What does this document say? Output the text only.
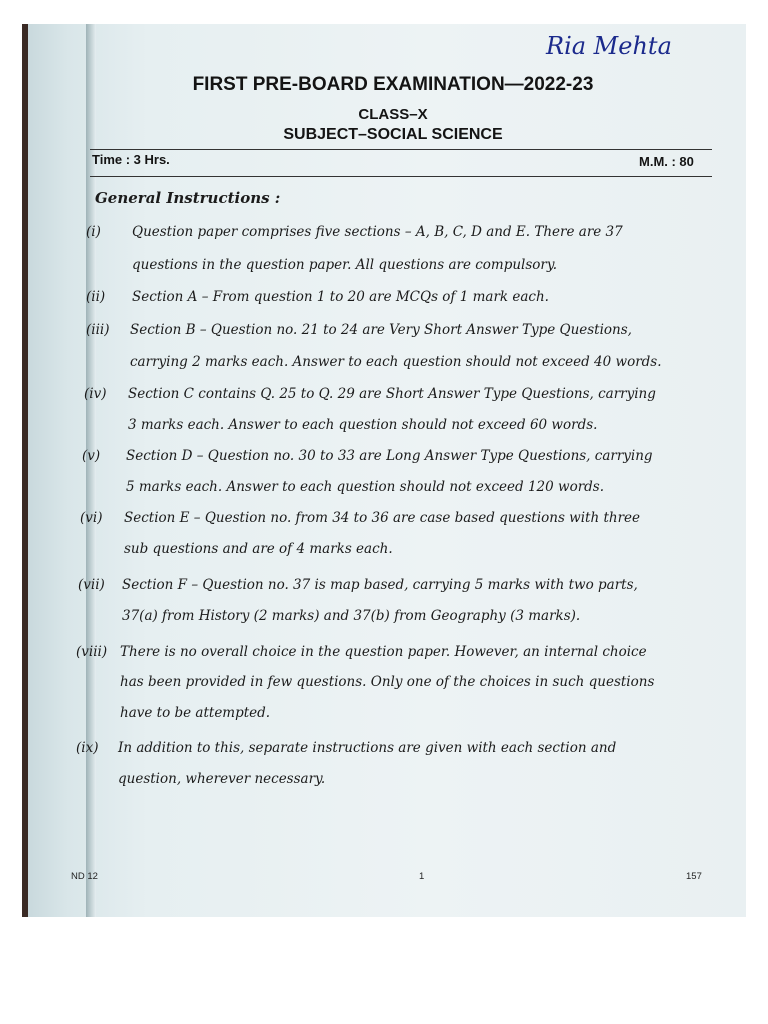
Ria Mehta
FIRST PRE-BOARD EXAMINATION—2022-23
CLASS–X
SUBJECT–SOCIAL SCIENCE
Time : 3 Hrs.	M.M. : 80
General Instructions :
(i)	Question paper comprises five sections – A, B, C, D and E. There are 37
questions in the question paper. All questions are compulsory.
(ii)	Section A – From question 1 to 20 are MCQs of 1 mark each.
(iii)	Section B – Question no. 21 to 24 are Very Short Answer Type Questions,
carrying 2 marks each. Answer to each question should not exceed 40 words.
(iv)	Section C contains Q. 25 to Q. 29 are Short Answer Type Questions, carrying
3 marks each. Answer to each question should not exceed 60 words.
(v)	Section D – Question no. 30 to 33 are Long Answer Type Questions, carrying
5 marks each. Answer to each question should not exceed 120 words.
(vi)	Section E – Question no. from 34 to 36 are case based questions with three
sub questions and are of 4 marks each.
(vii)	Section F – Question no. 37 is map based, carrying 5 marks with two parts,
37(a) from History (2 marks) and 37(b) from Geography (3 marks).
(viii) There is no overall choice in the question paper. However, an internal choice
has been provided in few questions. Only one of the choices in such questions
have to be attempted.
(ix)	In addition to this, separate instructions are given with each section and
question, wherever necessary.
ND 12	1	157
